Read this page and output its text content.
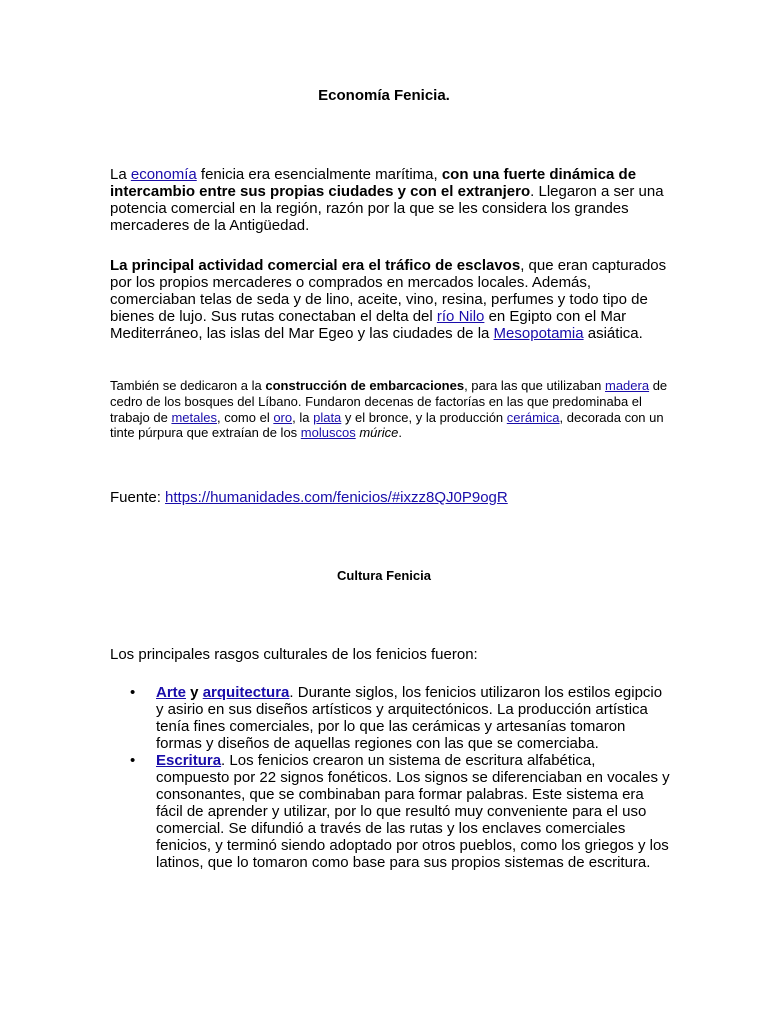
Economía Fenicia.

La economía fenicia era esencialmente marítima, con una fuerte dinámica de intercambio entre sus propias ciudades y con el extranjero. Llegaron a ser una potencia comercial en la región, razón por la que se les considera los grandes mercaderes de la Antigüedad.

La principal actividad comercial era el tráfico de esclavos, que eran capturados por los propios mercaderes o comprados en mercados locales. Además, comerciaban telas de seda y de lino, aceite, vino, resina, perfumes y todo tipo de bienes de lujo. Sus rutas conectaban el delta del río Nilo en Egipto con el Mar Mediterráneo, las islas del Mar Egeo y las ciudades de la Mesopotamia asiática.

También se dedicaron a la construcción de embarcaciones, para las que utilizaban madera de cedro de los bosques del Líbano. Fundaron decenas de factorías en las que predominaba el trabajo de metales, como el oro, la plata y el bronce, y la producción cerámica, decorada con un tinte púrpura que extraían de los moluscos múrice.

Fuente: https://humanidades.com/fenicios/#ixzz8QJ0P9ogR
Cultura Fenicia
Los principales rasgos culturales de los fenicios fueron:
• Arte y arquitectura. Durante siglos, los fenicios utilizaron los estilos egipcio y asirio en sus diseños artísticos y arquitectónicos. La producción artística tenía fines comerciales, por lo que las cerámicas y artesanías tomaron formas y diseños de aquellas regiones con las que se comerciaba.
• Escritura. Los fenicios crearon un sistema de escritura alfabética, compuesto por 22 signos fonéticos. Los signos se diferenciaban en vocales y consonantes, que se combinaban para formar palabras. Este sistema era fácil de aprender y utilizar, por lo que resultó muy conveniente para el uso comercial. Se difundió a través de las rutas y los enclaves comerciales fenicios, y terminó siendo adoptado por otros pueblos, como los griegos y los latinos, que lo tomaron como base para sus propios sistemas de escritura.
